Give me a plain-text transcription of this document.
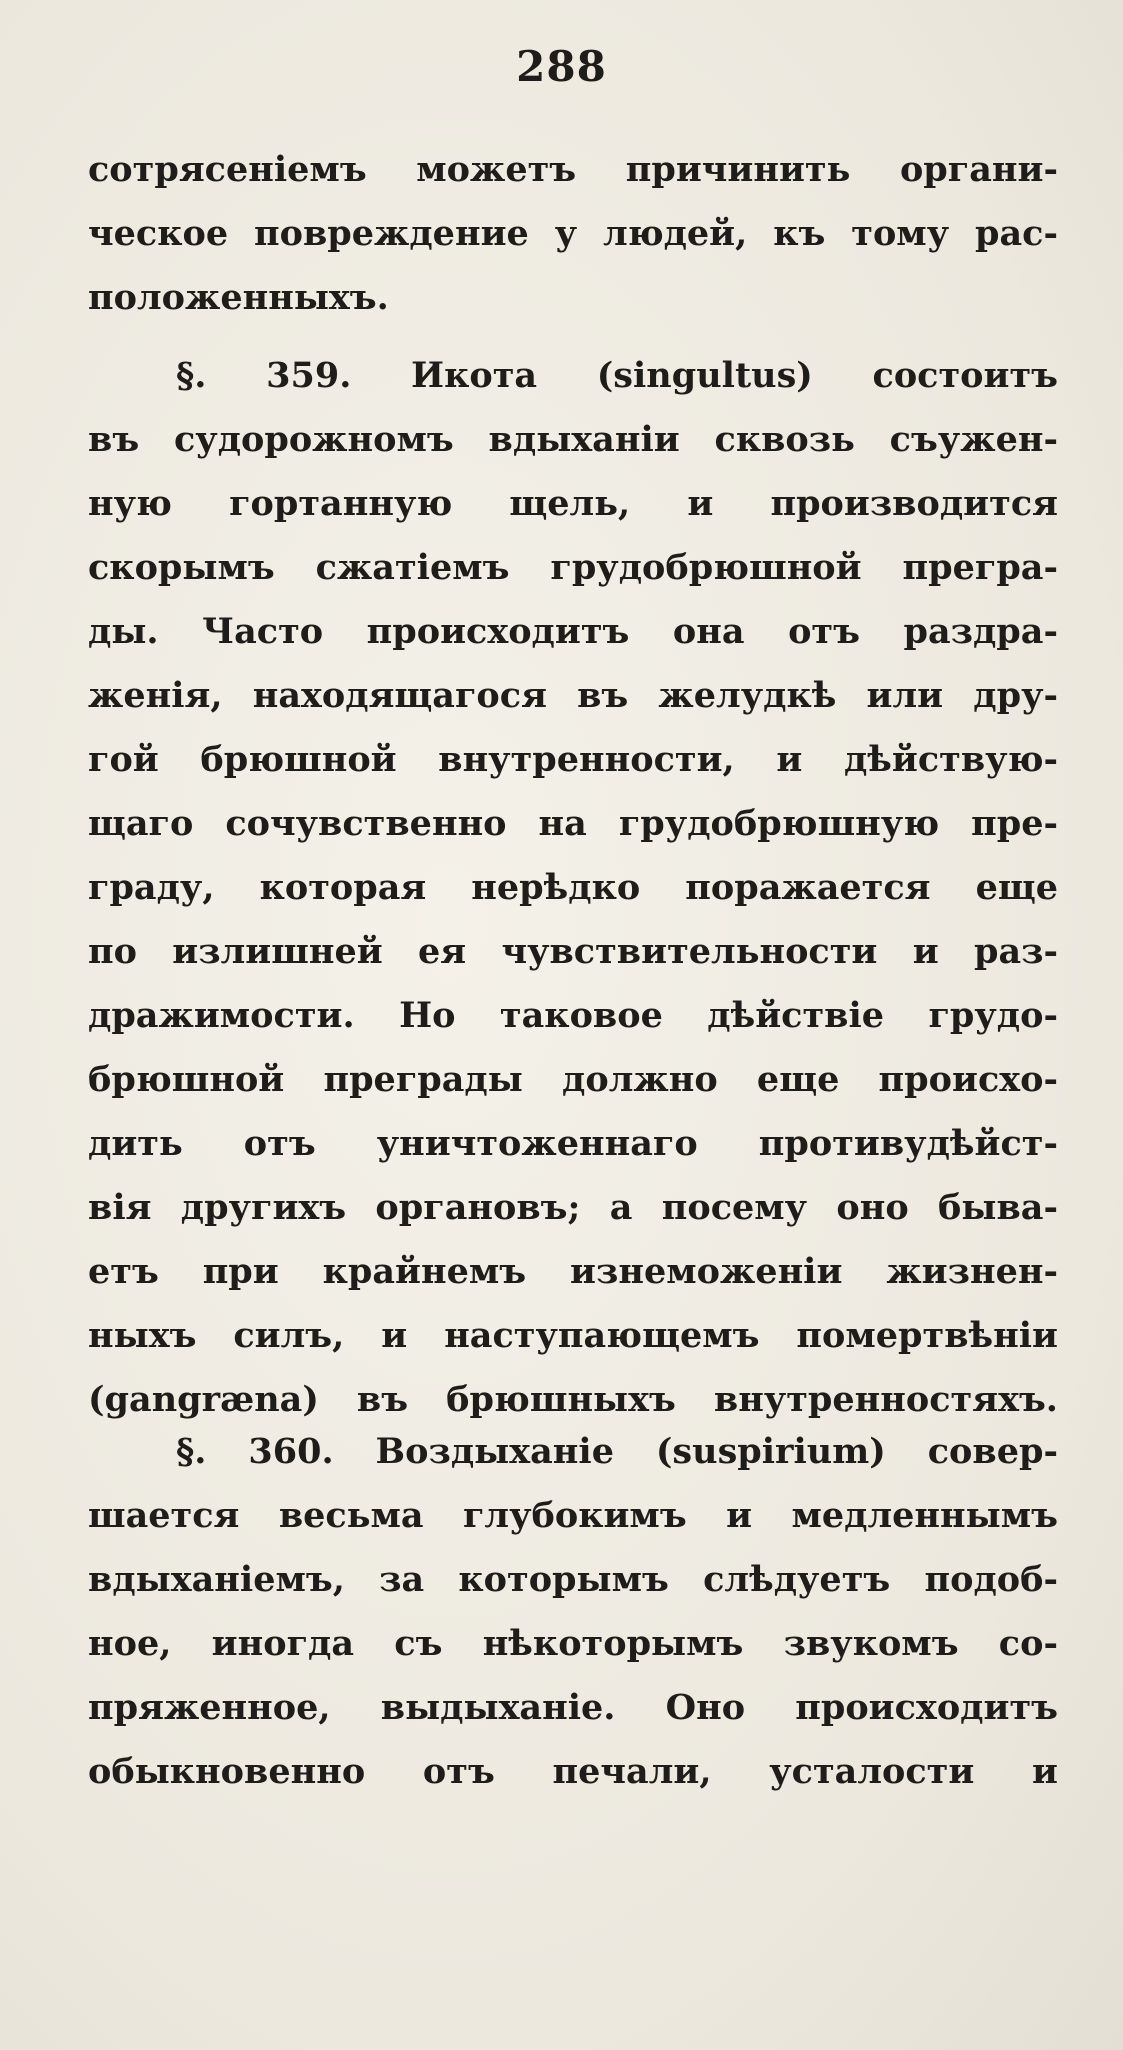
288
сотрясенiемъ можетъ причинить органи-
ческое повреждение у людей, къ тому рас-
положенныхъ.
§. 359. Икота (singultus) состоитъ
въ судорожномъ вдыханiи сквозь съужен-
ную гортанную щель, и производится
скорымъ сжатiемъ грудобрюшной прегра-
ды. Часто происходитъ она отъ раздра-
женiя, находящагося въ желудкѣ или дру-
гой брюшной внутренности, и дѣйствую-
щаго сочувственно на грудобрюшную пре-
граду, которая нерѣдко поражается еще
по излишней ея чувствительности и раз-
дражимости. Но таковое дѣйствiе грудо-
брюшной преграды должно еще происхо-
дить отъ уничтоженнаго противудѣйст-
вiя другихъ органовъ; а посему оно быва-
етъ при крайнемъ изнеможенiи жизнен-
ныхъ силъ, и наступающемъ помертвѣнiи
(gangræna) въ брюшныхъ внутренностяхъ.
§. 360. Воздыханiе (suspirium) совер-
шается весьма глубокимъ и медленнымъ
вдыханiемъ, за которымъ слѣдуетъ подоб-
ное, иногда съ нѣкоторымъ звукомъ со-
пряженное, выдыханiе. Оно происходитъ
обыкновенно отъ печали, усталости и
